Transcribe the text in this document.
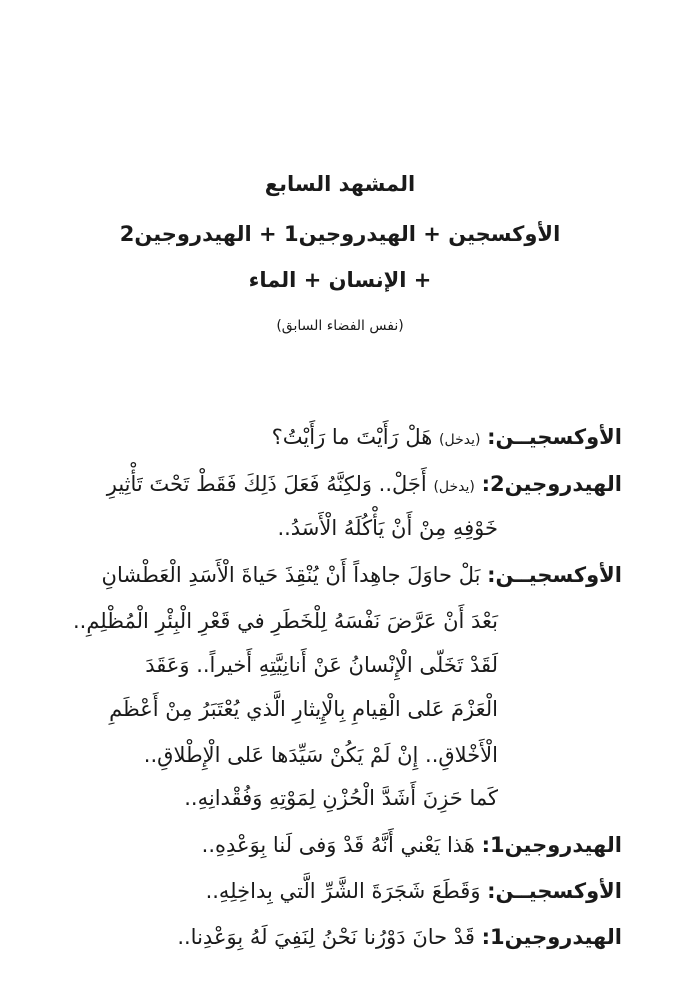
المشهد السابع
الأوكسجين + الهيدروجين1 + الهيدروجين2
+ الإنسان + الماء
(نفس الفضاء السابق)
الأوكسجيــن: (يدخل) هَلْ رَأَيْتَ ما رَأَيْتُ؟
الهيدروجين2: (يدخل) أَجَلْ.. وَلكِنَّهُ فَعَلَ ذَلِكَ فَقَطْ تَحْتَ تَأْثِيرِ
خَوْفِهِ مِنْ أَنْ يَأْكُلَهُ الْأَسَدُ..
الأوكسجيــن: بَلْ حاوَلَ جاهِداً أَنْ يُنْقِذَ حَياةَ الْأَسَدِ الْعَطْشانِ
بَعْدَ أَنْ عَرَّضَ نَفْسَهُ لِلْخَطَرِ في قَعْرِ الْبِئْرِ الْمُظْلِمِ..
لَقَدْ تَخَلّى الْإِنْسانُ عَنْ أَنانِيَّتِهِ أَخيراً.. وَعَقَدَ
الْعَزْمَ عَلى الْقِيامِ بِالْإِيثارِ الَّذي يُعْتَبَرُ مِنْ أَعْظَمِ
الْأَخْلاقِ.. إِنْ لَمْ يَكُنْ سَيِّدَها عَلى الْإِطْلاقِ..
كَما حَزِنَ أَشَدَّ الْحُزْنِ لِمَوْتِهِ وَفُقْدانِهِ..
الهيدروجين1: هَذا يَعْني أَنَّهُ قَدْ وَفى لَنا بِوَعْدِهِ..
الأوكسجيــن: وَقَطَعَ شَجَرَةَ الشَّرِّ الَّتي بِداخِلِهِ..
الهيدروجين1: قَدْ حانَ دَوْرُنا نَحْنُ لِنَفِيَ لَهُ بِوَعْدِنا..
